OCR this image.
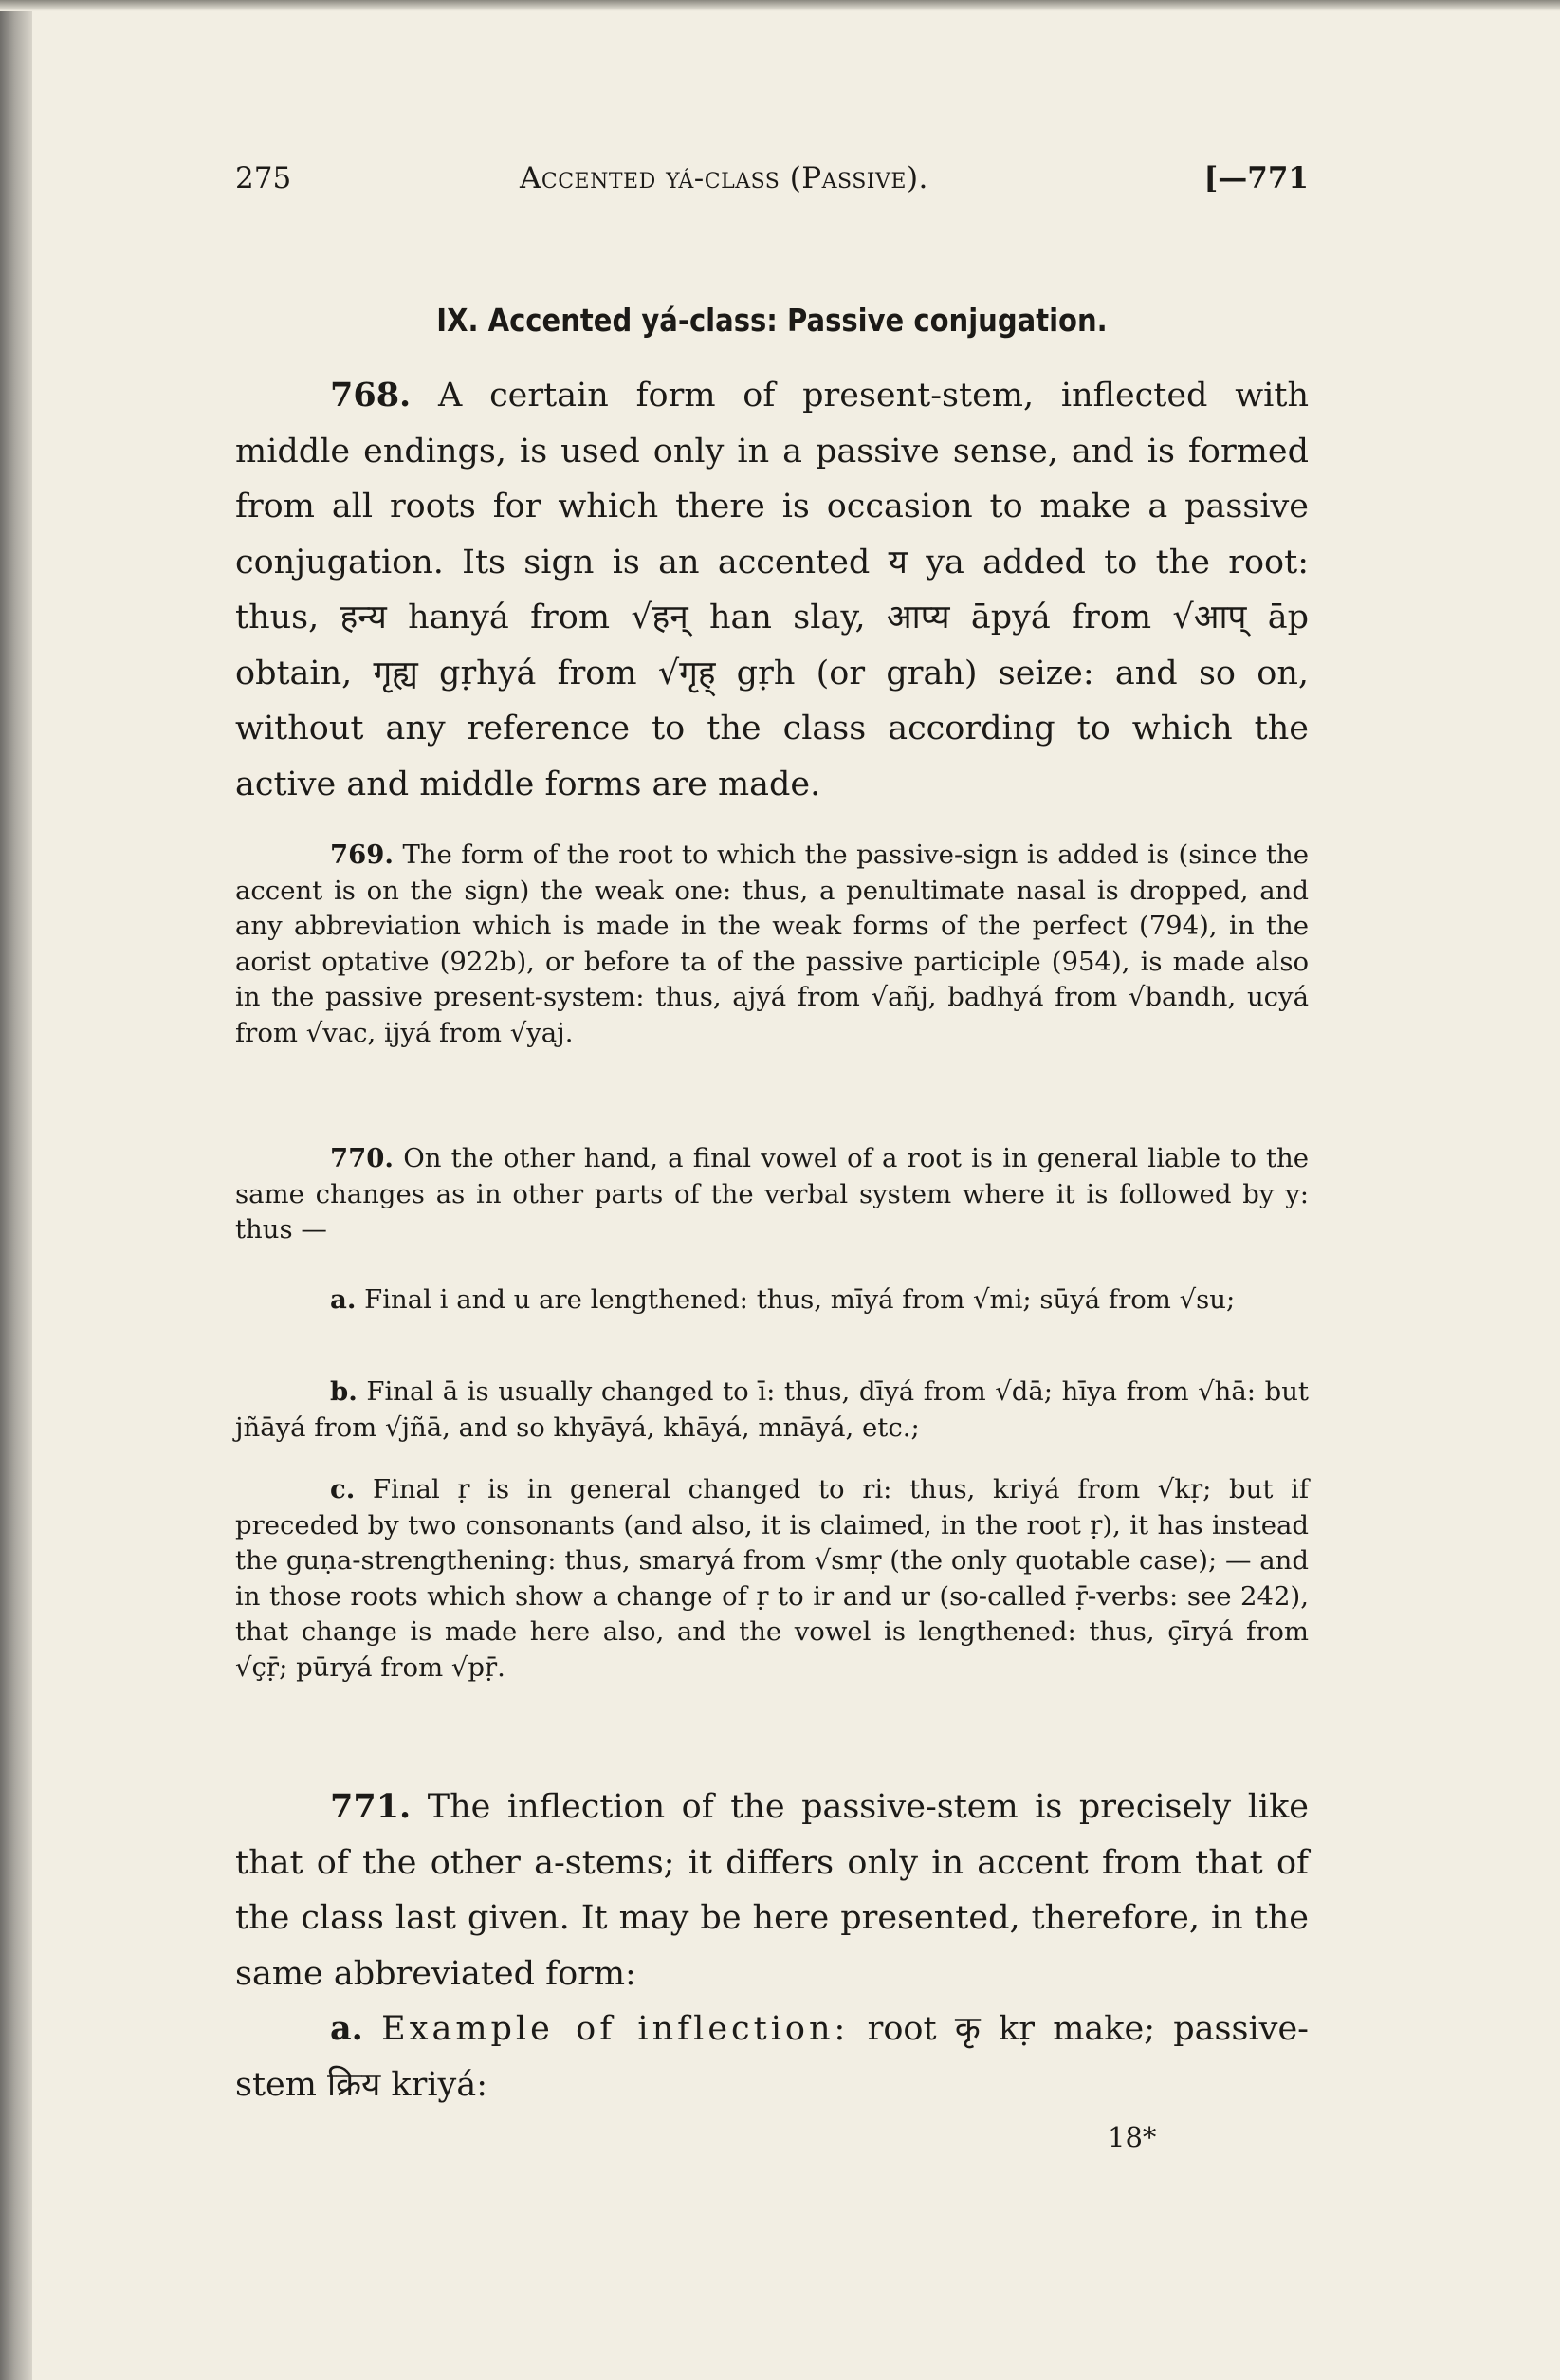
275	Accented yá-class (Passive).	[—771
IX. Accented yá-class: Passive conjugation.
768. A certain form of present-stem, inflected with middle endings, is used only in a passive sense, and is formed from all roots for which there is occasion to make a passive conjugation. Its sign is an accented य ya added to the root: thus, हन्य hanyá from √हन् han slay, आप्य āpyá from √आप् āp obtain, गृह्य gṛhyá from √गृह् gṛh (or grah) seize: and so on, without any reference to the class according to which the active and middle forms are made.
769. The form of the root to which the passive-sign is added is (since the accent is on the sign) the weak one: thus, a penultimate nasal is dropped, and any abbreviation which is made in the weak forms of the perfect (794), in the aorist optative (922b), or before ta of the passive participle (954), is made also in the passive present-system: thus, ajyá from √añj, badhyá from √bandh, ucyá from √vac, ijyá from √yaj.
770. On the other hand, a final vowel of a root is in general liable to the same changes as in other parts of the verbal system where it is followed by y: thus —
a. Final i and u are lengthened: thus, mīyá from √mi; sūyá from √su;
b. Final ā is usually changed to ī: thus, dīyá from √dā; hīya from √hā: but jñāyá from √jñā, and so khyāyá, khāyá, mnāyá, etc.;
c. Final ṛ is in general changed to ri: thus, kriyá from √kṛ; but if preceded by two consonants (and also, it is claimed, in the root ṛ), it has instead the guṇa-strengthening: thus, smaryá from √smṛ (the only quotable case); — and in those roots which show a change of ṛ to ir and ur (so-called ṝ-verbs: see 242), that change is made here also, and the vowel is lengthened: thus, çīryá from √çṝ; pūryá from √pṝ.
771. The inflection of the passive-stem is precisely like that of the other a-stems; it differs only in accent from that of the class last given. It may be here presented, therefore, in the same abbreviated form:
a. Example of inflection: root कृ kṛ make; passive-stem क्रिय kriyá:
18*
